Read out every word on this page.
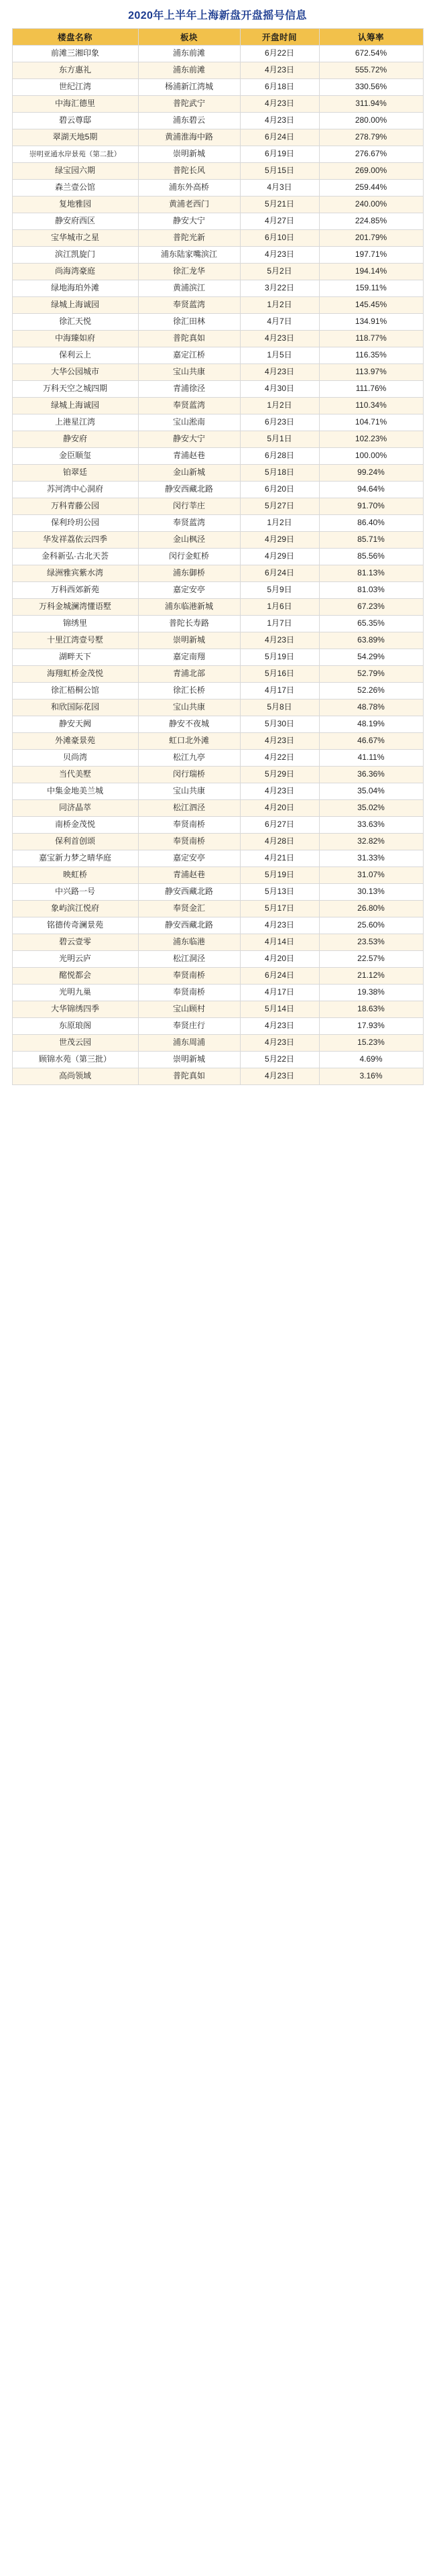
2020年上半年上海新盘开盘摇号信息
楼盘名称	板块	开盘时间	认筹率
前滩三湘印象	浦东前滩	6月22日	672.54%
东方惠礼	浦东前滩	4月23日	555.72%
世纪江湾	杨浦新江湾城	6月18日	330.56%
中海汇德里	普陀武宁	4月23日	311.94%
碧云尊邸	浦东碧云	4月23日	280.00%
翠湖天地5期	黄浦淮海中路	6月24日	278.79%
崇明亚通水岸景苑（第二批）	崇明新城	6月19日	276.67%
绿宝园六期	普陀长风	5月15日	269.00%
森兰壹公馆	浦东外高桥	4月3日	259.44%
复地雅园	黄浦老西门	5月21日	240.00%
静安府西区	静安大宁	4月27日	224.85%
宝华城市之星	普陀光新	6月10日	201.79%
滨江凯旋门	浦东陆家嘴滨江	4月23日	197.71%
尚海湾豪庭	徐汇龙华	5月2日	194.14%
绿地海珀外滩	黄浦滨江	3月22日	159.11%
绿城上海诚园	奉贤蓝湾	1月2日	145.45%
徐汇天悦	徐汇田林	4月7日	134.91%
中海臻如府	普陀真如	4月23日	118.77%
保利云上	嘉定江桥	1月5日	116.35%
大华公园城市	宝山共康	4月23日	113.97%
万科天空之城四期	青浦徐泾	4月30日	111.76%
绿城上海诚园	奉贤蓝湾	1月2日	110.34%
上港星江湾	宝山淞南	6月23日	104.71%
静安府	静安大宁	5月1日	102.23%
金臣顺玺	青浦赵巷	6月28日	100.00%
铂翠廷	金山新城	5月18日	99.24%
苏河湾中心洞府	静安西藏北路	6月20日	94.64%
万科青藤公园	闵行莘庄	5月27日	91.70%
保利玲玥公园	奉贤蓝湾	1月2日	86.40%
华发祥荔依云四季	金山枫泾	4月29日	85.71%
金科新弘·古北天荟	闵行金虹桥	4月29日	85.56%
绿洲雅宾紫水湾	浦东御桥	6月24日	81.13%
万科西郊新苑	嘉定安亭	5月9日	81.03%
万科金城澜湾懂语墅	浦东临港新城	1月6日	67.23%
锦绣里	普陀长寿路	1月7日	65.35%
十里江湾壹号墅	崇明新城	4月23日	63.89%
湖畔天下	嘉定南翔	5月19日	54.29%
海翔虹桥金茂悦	青浦北部	5月16日	52.79%
徐汇梧桐公馆	徐汇长桥	4月17日	52.26%
和欣国际花园	宝山共康	5月8日	48.78%
静安天阙	静安不夜城	5月30日	48.19%
外滩豪景苑	虹口北外滩	4月23日	46.67%
贝尚湾	松江九亭	4月22日	41.11%
当代美墅	闵行瑞桥	5月29日	36.36%
中集金地美兰城	宝山共康	4月23日	35.04%
同济晶萃	松江泗泾	4月20日	35.02%
南桥金茂悦	奉贤南桥	6月27日	33.63%
保利首创颂	奉贤南桥	4月28日	32.82%
嘉宝新力梦之晴华庭	嘉定安亭	4月21日	31.33%
映虹桥	青浦赵巷	5月19日	31.07%
中兴路一号	静安西藏北路	5月13日	30.13%
象屿滨江悦府	奉贤金汇	5月17日	26.80%
铭德传奇澜景苑	静安西藏北路	4月23日	25.60%
碧云壹零	浦东临港	4月14日	23.53%
光明云庐	松江洞泾	4月20日	22.57%
酩悦都会	奉贤南桥	6月24日	21.12%
光明九巢	奉贤南桥	4月17日	19.38%
大华锦绣四季	宝山顾村	5月14日	18.63%
东原琅阁	奉贤庄行	4月23日	17.93%
世茂云园	浦东周浦	4月23日	15.23%
顾锦水苑（第三批）	崇明新城	5月22日	4.69%
高尚领域	普陀真如	4月23日	3.16%
